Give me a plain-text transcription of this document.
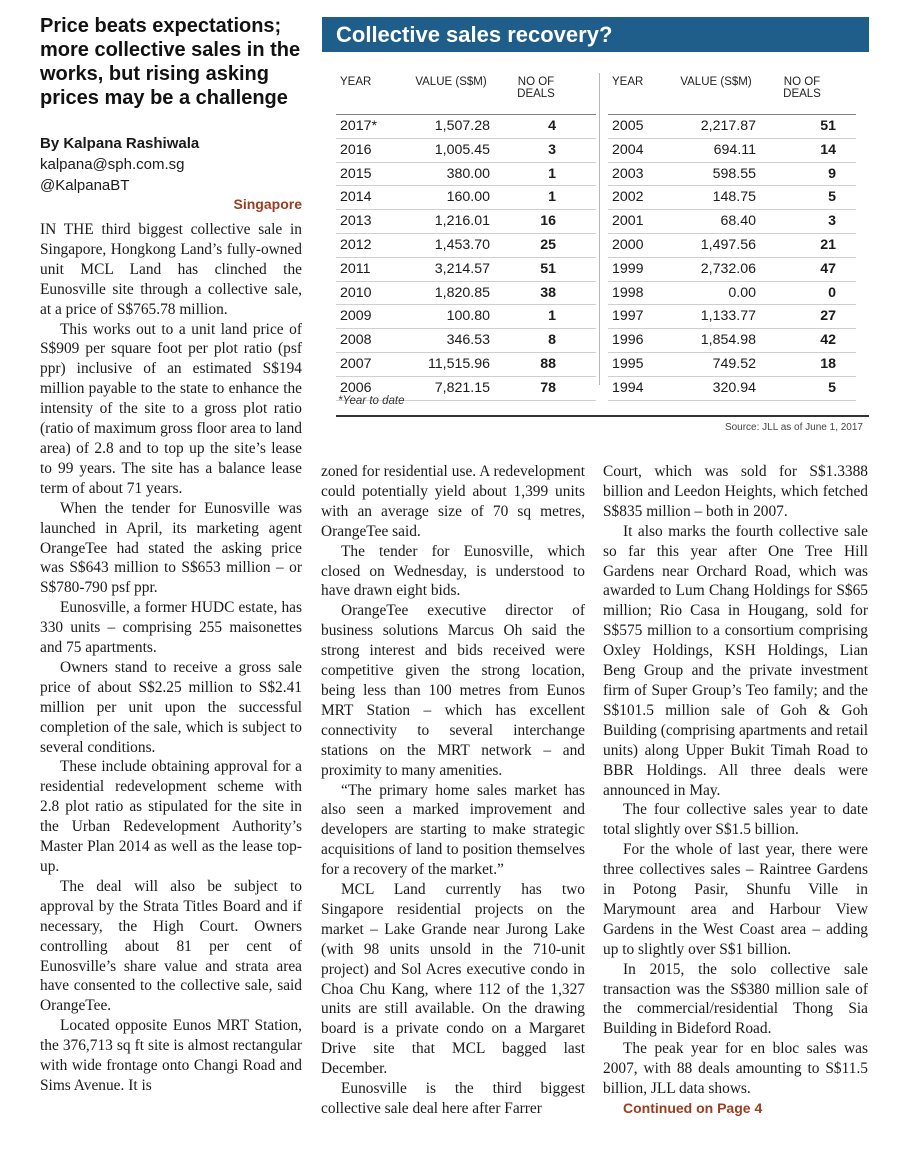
Price beats expectations; more collective sales in the works, but rising asking prices may be a challenge
By Kalpana Rashiwala
kalpana@sph.com.sg
@KalpanaBT
Singapore

IN THE third biggest collective sale in Singapore, Hongkong Land’s fully-owned unit MCL Land has clinched the Eunosville site through a collective sale, at a price of S$765.78 million.

This works out to a unit land price of S$909 per square foot per plot ratio (psf ppr) inclusive of an estimated S$194 million payable to the state to enhance the intensity of the site to a gross plot ratio (ratio of maximum gross floor area to land area) of 2.8 and to top up the site’s lease to 99 years. The site has a balance lease term of about 71 years.

When the tender for Eunosville was launched in April, its marketing agent OrangeTee had stated the asking price was S$643 million to S$653 million – or S$780-790 psf ppr.

Eunosville, a former HUDC estate, has 330 units – comprising 255 maisonettes and 75 apartments.

Owners stand to receive a gross sale price of about S$2.25 million to S$2.41 million per unit upon the successful completion of the sale, which is subject to several conditions.

These include obtaining approval for a residential redevelopment scheme with 2.8 plot ratio as stipulated for the site in the Urban Redevelopment Authority’s Master Plan 2014 as well as the lease top-up.

The deal will also be subject to approval by the Strata Titles Board and if necessary, the High Court. Owners controlling about 81 per cent of Eunosville’s share value and strata area have consented to the collective sale, said OrangeTee.

Located opposite Eunos MRT Station, the 376,713 sq ft site is almost rectangular with wide frontage onto Changi Road and Sims Avenue. It is

zoned for residential use. A redevelopment could potentially yield about 1,399 units with an average size of 70 sq metres, OrangeTee said.

The tender for Eunosville, which closed on Wednesday, is understood to have drawn eight bids.

OrangeTee executive director of business solutions Marcus Oh said the strong interest and bids received were competitive given the strong location, being less than 100 metres from Eunos MRT Station – which has excellent connectivity to several interchange stations on the MRT network – and proximity to many amenities.

“The primary home sales market has also seen a marked improvement and developers are starting to make strategic acquisitions of land to position themselves for a recovery of the market.”

MCL Land currently has two Singapore residential projects on the market – Lake Grande near Jurong Lake (with 98 units unsold in the 710-unit project) and Sol Acres executive condo in Choa Chu Kang, where 112 of the 1,327 units are still available. On the drawing board is a private condo on a Margaret Drive site that MCL bagged last December.

Eunosville is the third biggest collective sale deal here after Farrer

Court, which was sold for S$1.3388 billion and Leedon Heights, which fetched S$835 million – both in 2007.

It also marks the fourth collective sale so far this year after One Tree Hill Gardens near Orchard Road, which was awarded to Lum Chang Holdings for S$65 million; Rio Casa in Hougang, sold for S$575 million to a consortium comprising Oxley Holdings, KSH Holdings, Lian Beng Group and the private investment firm of Super Group’s Teo family; and the S$101.5 million sale of Goh & Goh Building (comprising apartments and retail units) along Upper Bukit Timah Road to BBR Holdings. All three deals were announced in May.

The four collective sales year to date total slightly over S$1.5 billion.

For the whole of last year, there were three collectives sales – Raintree Gardens in Potong Pasir, Shunfu Ville in Marymount area and Harbour View Gardens in the West Coast area – adding up to slightly over S$1 billion.

In 2015, the solo collective sale transaction was the S$380 million sale of the commercial/residential Thong Sia Building in Bideford Road.

The peak year for en bloc sales was 2007, with 88 deals amounting to S$11.5 billion, JLL data shows.

Continued on Page 4

Collective sales recovery?
YEAR	VALUE (S$M)	NO OF DEALS
2017*	1,507.28	4
2016	1,005.45	3
2015	380.00	1
2014	160.00	1
2013	1,216.01	16
2012	1,453.70	25
2011	3,214.57	51
2010	1,820.85	38
2009	100.80	1
2008	346.53	8
2007	11,515.96	88
2006	7,821.15	78
YEAR	VALUE (S$M)	NO OF DEALS
2005	2,217.87	51
2004	694.11	14
2003	598.55	9
2002	148.75	5
2001	68.40	3
2000	1,497.56	21
1999	2,732.06	47
1998	0.00	0
1997	1,133.77	27
1996	1,854.98	42
1995	749.52	18
1994	320.94	5
*Year to date
Source: JLL as of June 1, 2017
